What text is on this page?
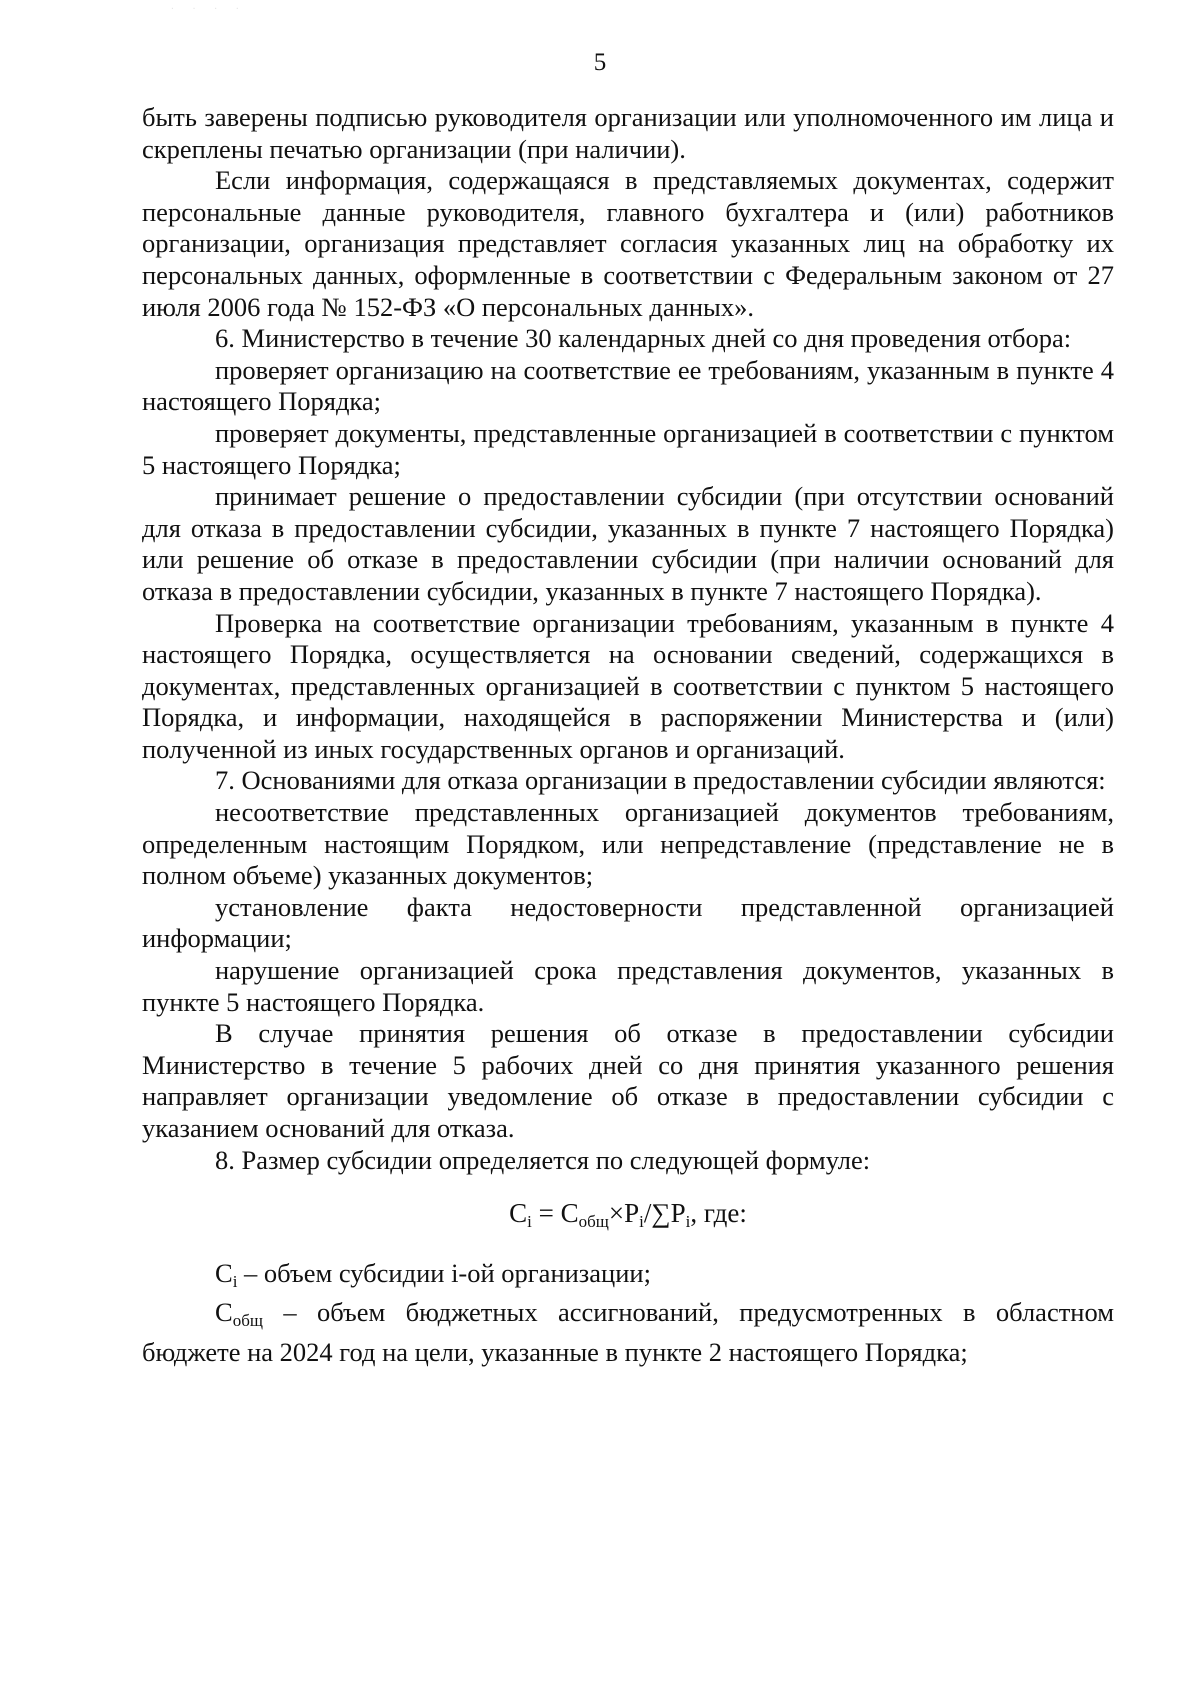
· · · ·
5

быть заверены подписью руководителя организации или уполномоченного им лица и скреплены печатью организации (при наличии).

Если информация, содержащаяся в представляемых документах, содержит персональные данные руководителя, главного бухгалтера и (или) работников организации, организация представляет согласия указанных лиц на обработку их персональных данных, оформленные в соответствии с Федеральным законом от 27 июля 2006 года № 152-ФЗ «О персональных данных».

6. Министерство в течение 30 календарных дней со дня проведения отбора:

проверяет организацию на соответствие ее требованиям, указанным в пункте 4 настоящего Порядка;

проверяет документы, представленные организацией в соответствии с пунктом 5 настоящего Порядка;

принимает решение о предоставлении субсидии (при отсутствии оснований для отказа в предоставлении субсидии, указанных в пункте 7 настоящего Порядка) или решение об отказе в предоставлении субсидии (при наличии оснований для отказа в предоставлении субсидии, указанных в пункте 7 настоящего Порядка).

Проверка на соответствие организации требованиям, указанным в пункте 4 настоящего Порядка, осуществляется на основании сведений, содержащихся в документах, представленных организацией в соответствии с пунктом 5 настоящего Порядка, и информации, находящейся в распоряжении Министерства и (или) полученной из иных государственных органов и организаций.

7. Основаниями для отказа организации в предоставлении субсидии являются:

несоответствие представленных организацией документов требованиям, определенным настоящим Порядком, или непредставление (представление не в полном объеме) указанных документов;

установление факта недостоверности представленной организацией информации;

нарушение организацией срока представления документов, указанных в пункте 5 настоящего Порядка.

В случае принятия решения об отказе в предоставлении субсидии Министерство в течение 5 рабочих дней со дня принятия указанного решения направляет организации уведомление об отказе в предоставлении субсидии с указанием оснований для отказа.

8. Размер субсидии определяется по следующей формуле:

$C_i = C_{общ}\times P_i/\sum P_i$, где:

$C_i$ – объем субсидии i-ой организации;

Cобщ – объем бюджетных ассигнований, предусмотренных в областном бюджете на 2024 год на цели, указанные в пункте 2 настоящего Порядка;
